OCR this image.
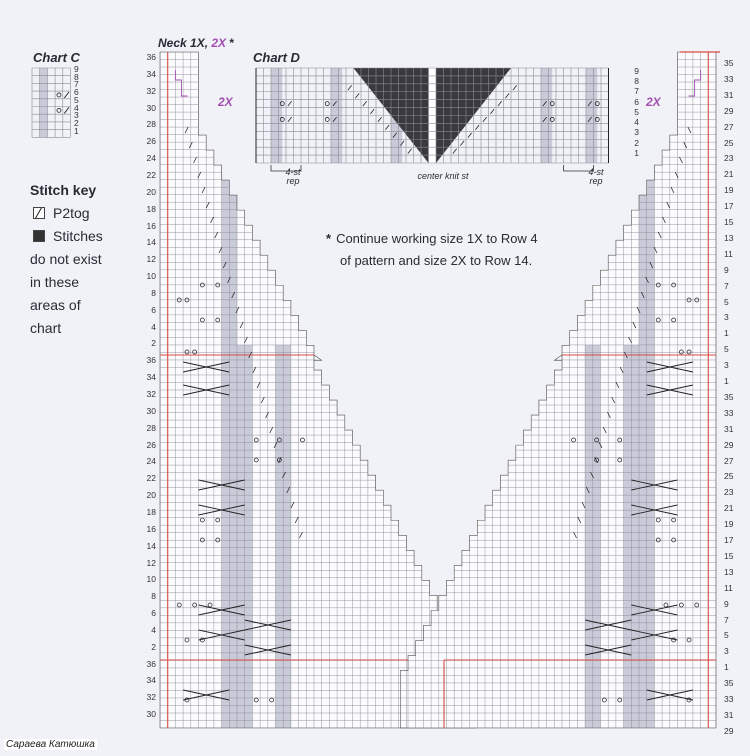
Chart C
9
8
7
6
5
4
3
2
1
Stitch key
P2tog
Stitches
do not exist
in these
areas of
chart
Neck 1X, 2X *
2X	2X
Chart D
9
8
7
6
5
4
3
2
1
4-st
rep
4-st
rep
center knit st
* Continue working size 1X to Row 4
of pattern and size 2X to Row 14.
36
34
32
30
28
26
24
22
20
18
16
14
12
10
8
6
4
2
36
34
32
30
28
26
24
22
20
18
16
14
12
10
8
6
4
2
36
34
32
30
35
33
31
29
27
25
23
21
19
17
15
13
11
9
7
5
3
1
5
3
1
35
33
31
29
27
25
23
21
19
17
15
13
11
9
7
5
3
1
35
33
31
29
Сараева Катюшка
